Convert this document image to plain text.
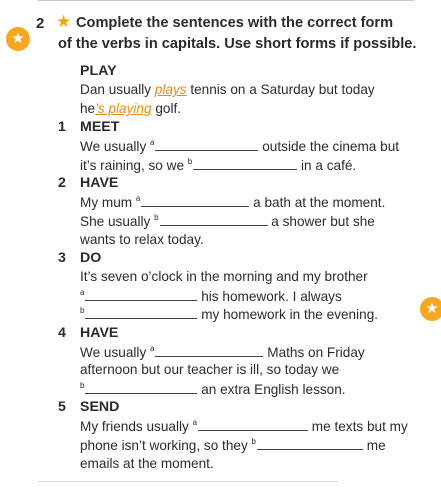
★
★
2 ★ Complete the sentences with the correct form
of the verbs in capitals. Use short forms if possible.
PLAY
Dan usually plays tennis on a Saturday but today
he’s playing golf.
1 MEET
We usually $^a$	outside the cinema but
it’s raining, so we $^b$	in a café.
2 HAVE
My mum $^a$	a bath at the moment.
She usually $^b$	a shower but she
wants to relax today.
3 DO
It’s seven o’clock in the morning and my brother
$^a$	his homework. I always
$^b$	my homework in the evening.
4 HAVE
We usually $^a$	Maths on Friday
afternoon but our teacher is ill, so today we
$^b$	an extra English lesson.
5 SEND
My friends usually $^a$	me texts but my
phone isn’t working, so they $^b$	me
emails at the moment.
